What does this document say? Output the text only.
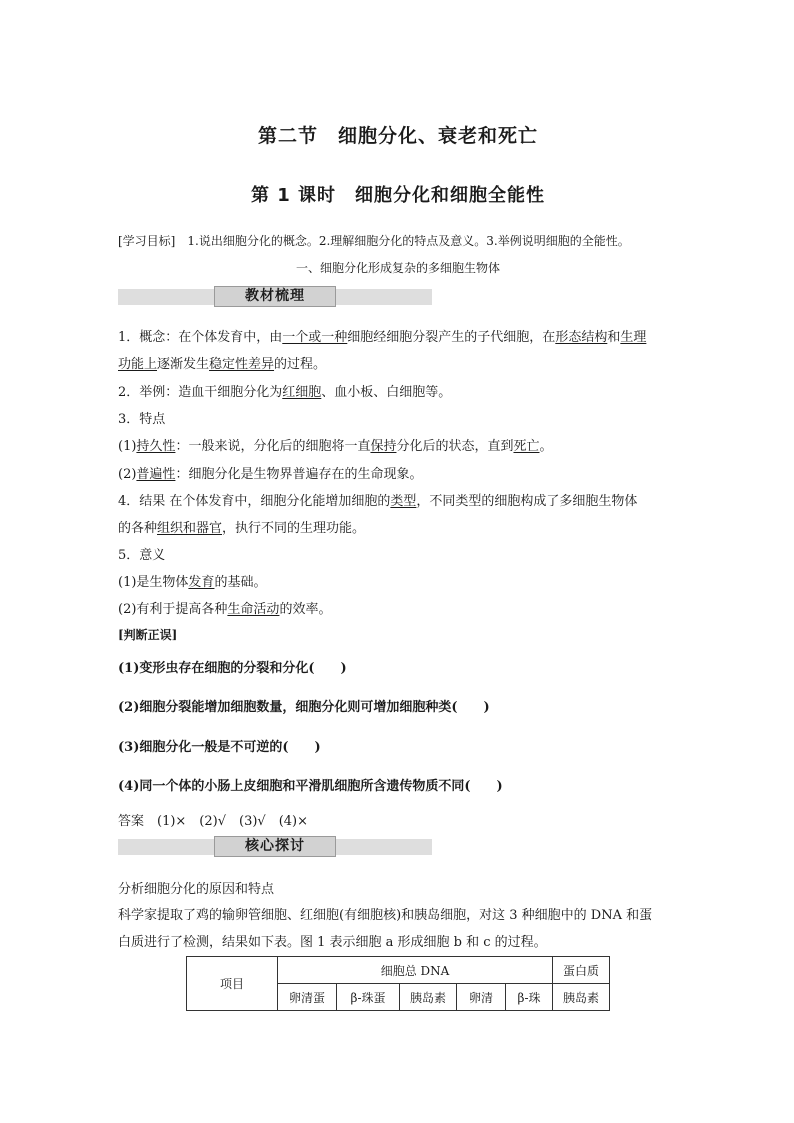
第二节　细胞分化、衰老和死亡
第 1 课时　细胞分化和细胞全能性
[学习目标]　1.说出细胞分化的概念。2.理解细胞分化的特点及意义。3.举例说明细胞的全能性。
一、细胞分化形成复杂的多细胞生物体
教材梳理
1．概念：在个体发育中，由一个或一种细胞经细胞分裂产生的子代细胞，在形态结构和生理
功能上逐渐发生稳定性差异的过程。
2．举例：造血干细胞分化为红细胞、血小板、白细胞等。
3．特点
(1)持久性：一般来说，分化后的细胞将一直保持分化后的状态，直到死亡。
(2)普遍性：细胞分化是生物界普遍存在的生命现象。
4．结果 在个体发育中，细胞分化能增加细胞的类型，不同类型的细胞构成了多细胞生物体
的各种组织和器官，执行不同的生理功能。
5．意义
(1)是生物体发育的基础。
(2)有利于提高各种生命活动的效率。
[判断正误]
(1)变形虫存在细胞的分裂和分化(　　)
(2)细胞分裂能增加细胞数量，细胞分化则可增加细胞种类(　　)
(3)细胞分化一般是不可逆的(　　)
(4)同一个体的小肠上皮细胞和平滑肌细胞所含遗传物质不同(　　)
答案　(1)×　(2)√　(3)√　(4)×
核心探讨
分析细胞分化的原因和特点
科学家提取了鸡的输卵管细胞、红细胞(有细胞核)和胰岛细胞，对这 3 种细胞中的 DNA 和蛋
白质进行了检测，结果如下表。图 1 表示细胞 a 形成细胞 b 和 c 的过程。
项目	细胞总 DNA					蛋白质
	卵清蛋	β-珠蛋	胰岛素	卵清	β-珠	胰岛素
